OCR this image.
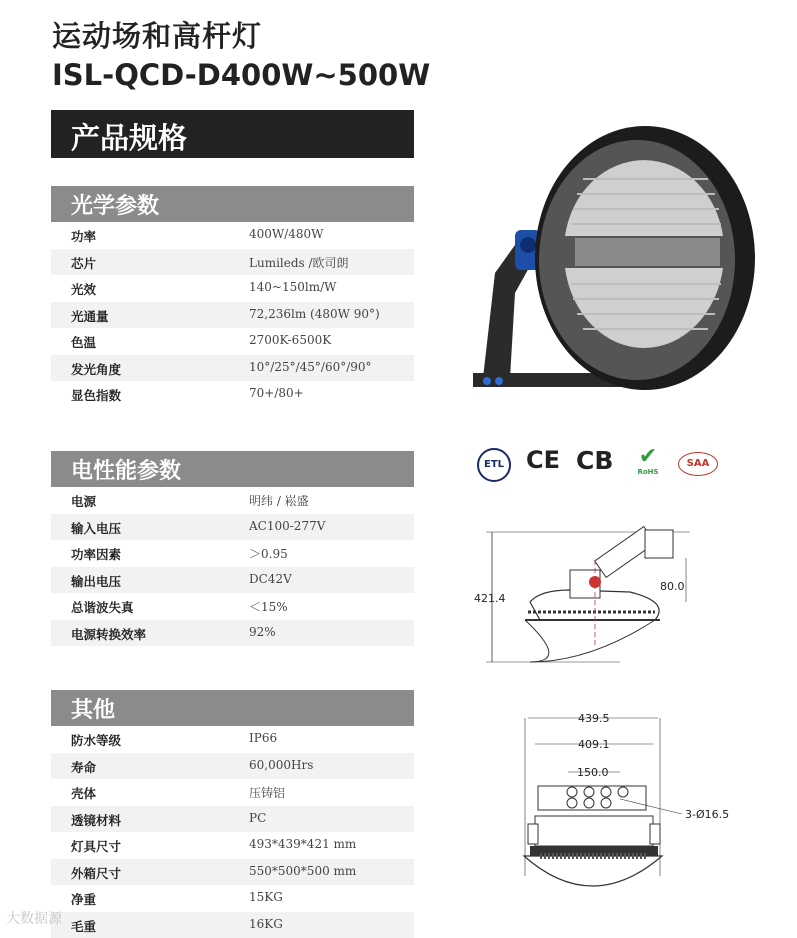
运动场和高杆灯
ISL-QCD-D400W~500W
产品规格
光学参数
功率	400W/480W
芯片	Lumileds /欧司朗
光效	140~150lm/W
光通量	72,236lm (480W 90°)
色温	2700K-6500K
发光角度	10°/25°/45°/60°/90°
显色指数	70+/80+
电性能参数
电源	明纬 / 崧盛
输入电压	AC100-277V
功率因素	＞0.95
输出电压	DC42V
总谐波失真	＜15%
电源转换效率	92%
其他
防水等级	IP66
寿命	60,000Hrs
壳体	压铸铝
透镜材料	PC
灯具尺寸	493*439*421 mm
外箱尺寸	550*500*500 mm
净重	15KG
毛重	16KG
ETL CE CB ✔
RoHS
SAA
421.4
80.0
439.5
409.1
150.0
3-Ø16.5
大数据源
